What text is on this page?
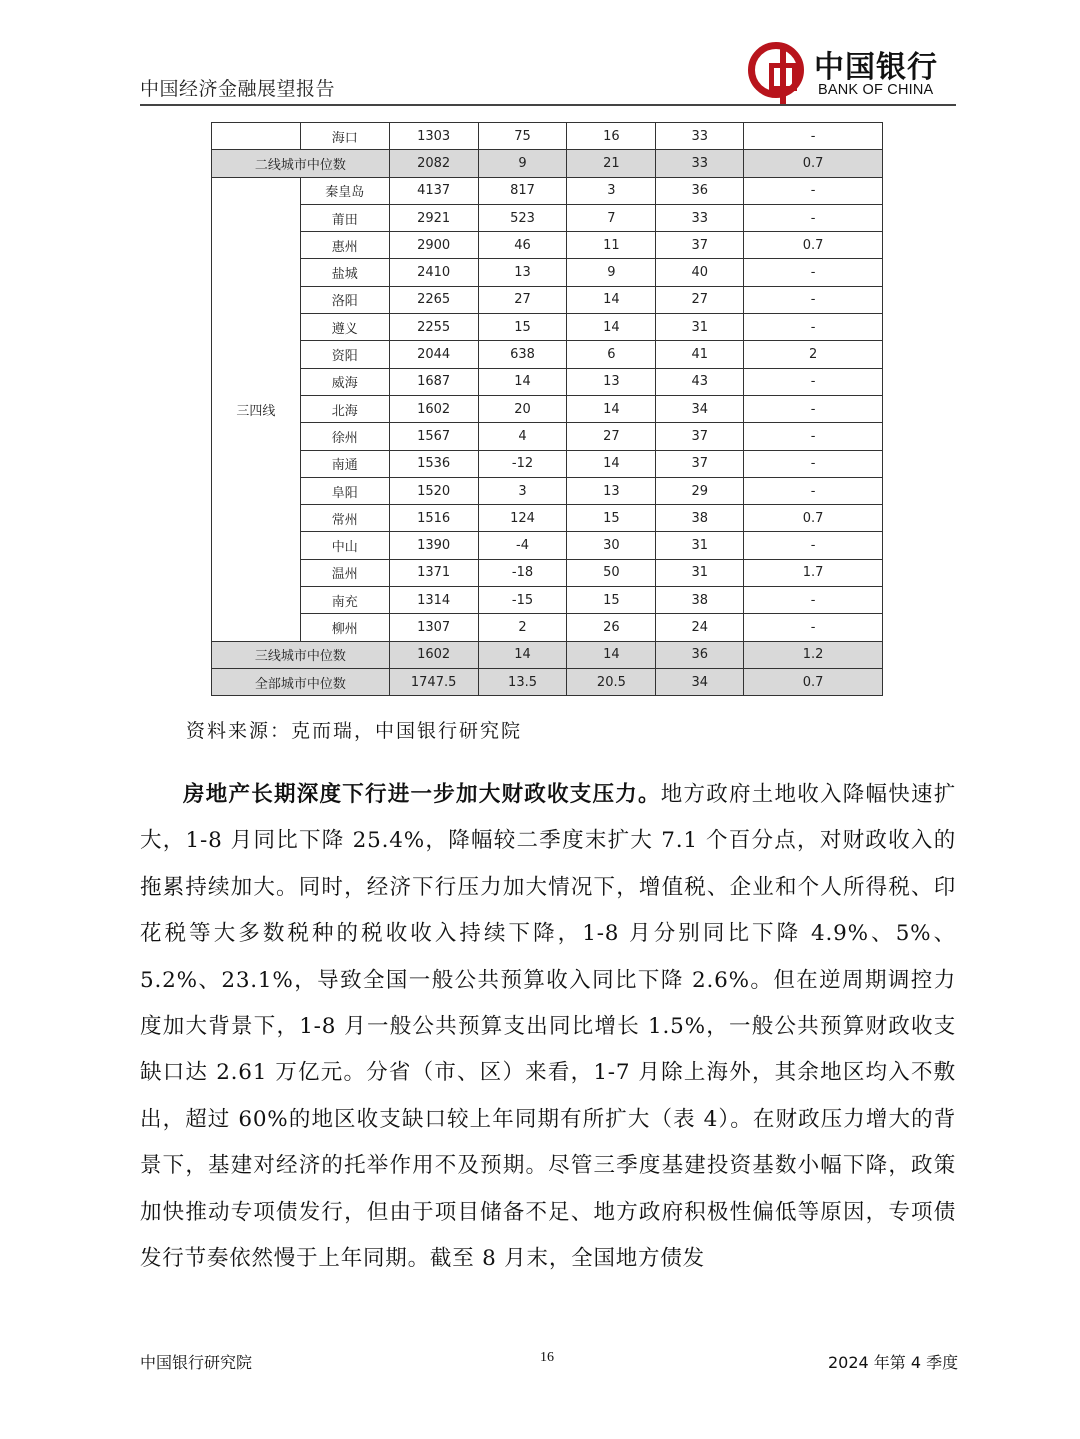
中国经济金融展望报告
中国银行
BANK OF CHINA
	海口	1303	75	16	33	-
二线城市中位数		2082	9	21	33	0.7
三四线	秦皇岛	4137	817	3	36	-
	莆田	2921	523	7	33	-
	惠州	2900	46	11	37	0.7
	盐城	2410	13	9	40	-
	洛阳	2265	27	14	27	-
	遵义	2255	15	14	31	-
	资阳	2044	638	6	41	2
	威海	1687	14	13	43	-
	北海	1602	20	14	34	-
	徐州	1567	4	27	37	-
	南通	1536	-12	14	37	-
	阜阳	1520	3	13	29	-
	常州	1516	124	15	38	0.7
	中山	1390	-4	30	31	-
	温州	1371	-18	50	31	1.7
	南充	1314	-15	15	38	-
	柳州	1307	2	26	24	-
三线城市中位数		1602	14	14	36	1.2
全部城市中位数		1747.5	13.5	20.5	34	0.7
资料来源：克而瑞，中国银行研究院
房地产长期深度下行进一步加大财政收支压力。地方政府土地收入降幅快速扩大，1-8 月同比下降 25.4%，降幅较二季度末扩大 7.1 个百分点，对财政收入的拖累持续加大。同时，经济下行压力加大情况下，增值税、企业和个人所得税、印花税等大多数税种的税收收入持续下降，1-8 月分别同比下降 4.9%、5%、5.2%、23.1%，导致全国一般公共预算收入同比下降 2.6%。但在逆周期调控力度加大背景下，1-8 月一般公共预算支出同比增长 1.5%，一般公共预算财政收支缺口达 2.61 万亿元。分省（市、区）来看，1-7 月除上海外，其余地区均入不敷出，超过 60%的地区收支缺口较上年同期有所扩大（表 4）。在财政压力增大的背景下，基建对经济的托举作用不及预期。尽管三季度基建投资基数小幅下降，政策加快推动专项债发行，但由于项目储备不足、地方政府积极性偏低等原因，专项债发行节奏依然慢于上年同期。截至 8 月末，全国地方债发
中国银行研究院	16	2024 年第 4 季度
